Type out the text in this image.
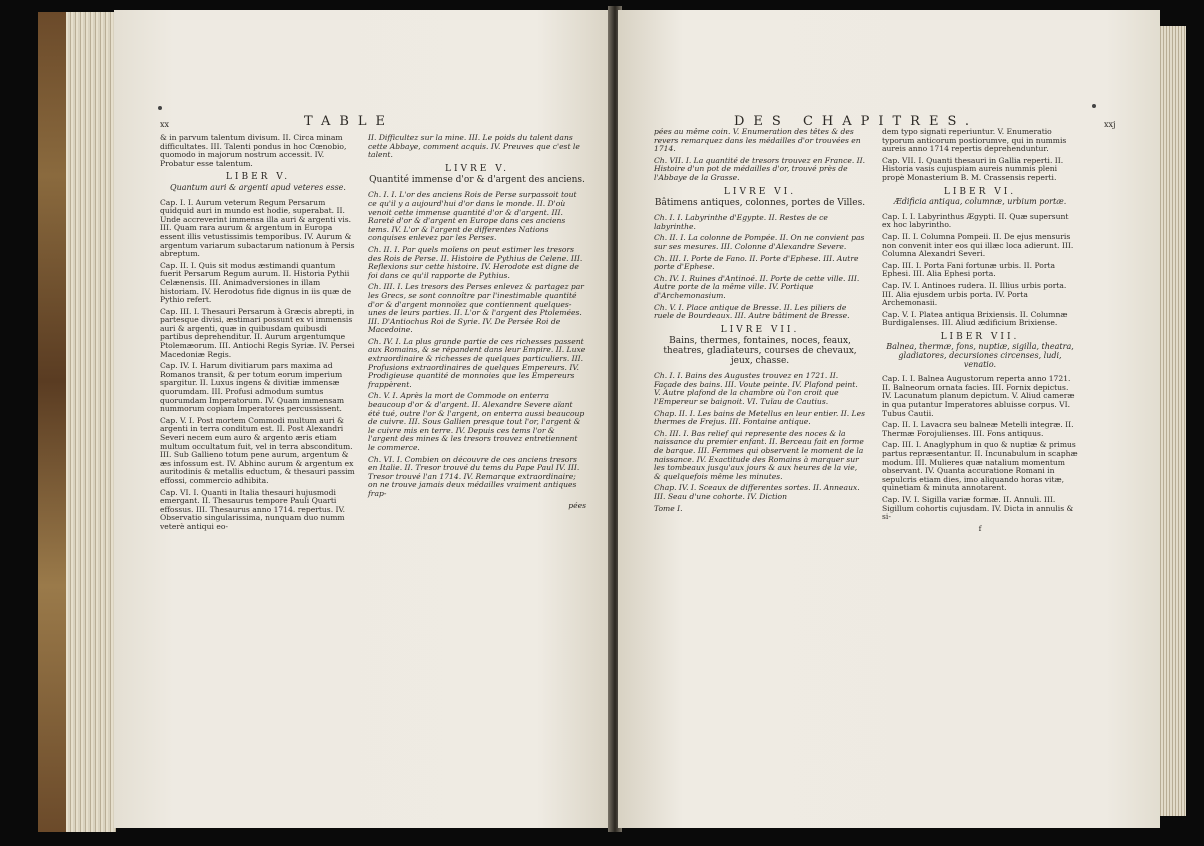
xx	TABLE

& in parvum talentum divisum. II. Circa minam difficultates. III. Talenti pondus in hoc Cœnobio, quomodo in majorum nostrum accessit. IV. Probatur esse talentum.

LIBER V.
Quantum auri & argenti apud veteres esse.

Cap. I. I. Aurum veterum Regum Persarum quidquid auri in mundo est hodie, superabat. II. Unde accreverint immensa illa auri & argenti vis. III. Quam rara aurum & argentum in Europa essent illis vetustissimis temporibus. IV. Aurum & argentum variarum subactarum nationum à Persis abreptum.

Cap. II. I. Quis sit modus æstimandi quantum fuerit Persarum Regum aurum. II. Historia Pythii Celænensis. III. Animadversiones in illam historiam. IV. Herodotus fide dignus in iis quæ de Pythio refert.

Cap. III. I. Thesauri Persarum à Græcis abrepti, in partesque divisi, æstimari possunt ex vi immensis auri & argenti, quæ in quibusdam quibusdi partibus deprehenditur. II. Aurum argentumque Ptolemæorum. III. Antiochi Regis Syriæ. IV. Persei Macedoniæ Regis.

Cap. IV. I. Harum divitiarum pars maxima ad Romanos transit, & per totum eorum imperium spargitur. II. Luxus ingens & divitiæ immensæ quorumdam. III. Profusi admodum sumtus quorumdam Imperatorum. IV. Quam immensam nummorum copiam Imperatores percussissent.

Cap. V. I. Post mortem Commodi multum auri & argenti in terra conditum est. II. Post Alexandri Severi necem eum auro & argento æris etiam multum occultatum fuit, vel in terra absconditum. III. Sub Gallieno totum pene aurum, argentum & æs infossum est. IV. Abhinc aurum & argentum ex auritodinis & metallis eductum, & thesauri passim effossi, commercio adhibita.

Cap. VI. I. Quanti in Italia thesauri hujusmodi emergant. II. Thesaurus tempore Pauli Quarti effossus. III. Thesaurus anno 1714. repertus. IV. Observatio singularissima, nunquam duo numm veterè antiqui eo-

II. Difficultez sur la mine. III. Le poids du talent dans cette Abbaye, comment acquis. IV. Preuves que c'est le talent.

LIVRE V.
Quantité immense d'or & d'argent des anciens.

Ch. I. I. L'or des anciens Rois de Perse surpassoit tout ce qu'il y a aujourd'hui d'or dans le monde. II. D'où venoit cette immense quantité d'or & d'argent. III. Rareté d'or & d'argent en Europe dans ces anciens tems. IV. L'or & l'argent de differentes Nations conquises enlevez par les Perses.

Ch. II. I. Par quels moïens on peut estimer les tresors des Rois de Perse. II. Histoire de Pythius de Celene. III. Reflexions sur cette histoire. IV. Herodote est digne de foi dans ce qu'il rapporte de Pythius.

Ch. III. I. Les tresors des Perses enlevez & partagez par les Grecs, se sont connoître par l'inestimable quantité d'or & d'argent monnoïez que contiennent quelques-unes de leurs parties. II. L'or & l'argent des Ptolemées. III. D'Antiochus Roi de Syrie. IV. De Persée Roi de Macedoine.

Ch. IV. I. La plus grande partie de ces richesses passent aux Romains, & se répandent dans leur Empire. II. Luxe extraordinaire & richesses de quelques particuliers. III. Profusions extraordinaires de quelques Empereurs. IV. Prodigieuse quantité de monnoies que les Empereurs frappèrent.

Ch. V. I. Après la mort de Commode on enterra beaucoup d'or & d'argent. II. Alexandre Severe aïant été tué, outre l'or & l'argent, on enterra aussi beaucoup de cuivre. III. Sous Gallien presque tout l'or, l'argent & le cuivre mis en terre. IV. Depuis ces tems l'or & l'argent des mines & les tresors trouvez entretiennent le commerce.

Ch. VI. I. Combien on découvre de ces anciens tresors en Italie. II. Tresor trouvé du tems du Pape Paul IV. III. Tresor trouvé l'an 1714. IV. Remarque extraordinaire; on ne trouve jamais deux médailles vraiment antiques frap-

pées

DES CHAPITRES.	xxj

pées au même coin. V. Enumeration des têtes & des revers remarquez dans les médailles d'or trouvées en 1714.

Ch. VII. I. La quantité de tresors trouvez en France. II. Histoire d'un pot de médailles d'or, trouvé près de l'Abbaye de la Grasse.

LIVRE VI.
Bâtimens antiques, colonnes, portes de Villes.

Ch. I. I. Labyrinthe d'Egypte. II. Restes de ce labyrinthe.

Ch. II. I. La colonne de Pompée. II. On ne convient pas sur ses mesures. III. Colonne d'Alexandre Severe.

Ch. III. I. Porte de Fano. II. Porte d'Ephese. III. Autre porte d'Ephese.

Ch. IV. I. Ruines d'Antinoé. II. Porte de cette ville. III. Autre porte de la même ville. IV. Portique d'Archemonasium.

Ch. V. I. Place antique de Bresse. II. Les piliers de ruele de Bourdeaux. III. Autre bâtiment de Bresse.

LIVRE VII.
Bains, thermes, fontaines, noces, feaux, theatres, gladiateurs, courses de chevaux, jeux, chasse.

Ch. I. I. Bains des Augustes trouvez en 1721. II. Façade des bains. III. Voute peinte. IV. Plafond peint. V. Autre plafond de la chambre où l'on croit que l'Empereur se baignoit. VI. Tuïau de Cautius.

Chap. II. I. Les bains de Metellus en leur entier. II. Les thermes de Frejus. III. Fontaine antique.

Ch. III. I. Bas relief qui represente des noces & la naissance du premier enfant. II. Berceau fait en forme de barque. III. Femmes qui observent le moment de la naissance. IV. Exactitude des Romains à marquer sur les tombeaux jusqu'aux jours & aux heures de la vie, & quelquefois même les minutes.

Chap. IV. I. Sceaux de differentes sortes. II. Anneaux. III. Seau d'une cohorte. IV. Diction

Tome I.

dem typo signati reperiuntur. V. Enumeratio typorum anticorum postiorumve, qui in nummis aureis anno 1714 repertis deprehenduntur.

Cap. VII. I. Quanti thesauri in Gallia reperti. II. Historia vasis cujuspiam aureis nummis pleni propè Monasterium B. M. Crassensis reperti.

LIBER VI.
Ædificia antiqua, columnæ, urbium portæ.

Cap. I. I. Labyrinthus Ægypti. II. Quæ supersunt ex hoc labyrintho.

Cap. II. I. Columna Pompeii. II. De ejus mensuris non convenit inter eos qui illæc loca adierunt. III. Columna Alexandri Severi.

Cap. III. I. Porta Fani fortunæ urbis. II. Porta Ephesi. III. Alia Ephesi porta.

Cap. IV. I. Antinoes rudera. II. Illius urbis porta. III. Alia ejusdem urbis porta. IV. Porta Archemonasii.

Cap. V. I. Platea antiqua Brixiensis. II. Columnæ Burdigalenses. III. Aliud ædificium Brixiense.

LIBER VII.
Balnea, thermæ, fons, nuptiæ, sigilla, theatra, gladiatores, decursiones circenses, ludi, venatio.

Cap. I. I. Balnea Augustorum reperta anno 1721. II. Balneorum ornata facies. III. Fornix depictus. IV. Lacunatum planum depictum. V. Aliud cameræ in qua putantur Imperatores abluisse corpus. VI. Tubus Cautii.

Cap. II. I. Lavacra seu balneæ Metelli integræ. II. Thermæ Forojulienses. III. Fons antiquus.

Cap. III. I. Anaglyphum in quo & nuptiæ & primus partus repræsentantur. II. Incunabulum in scaphæ modum. III. Mulieres quæ natalium momentum observant. IV. Quanta accuratione Romani in sepulcris etiam dies, imo aliquando horas vitæ, quinetiam & minuta annotarent.

Cap. IV. I. Sigilla variæ formæ. II. Annuli. III. Sigillum cohortis cujusdam. IV. Dicta in annulis & si-

f
